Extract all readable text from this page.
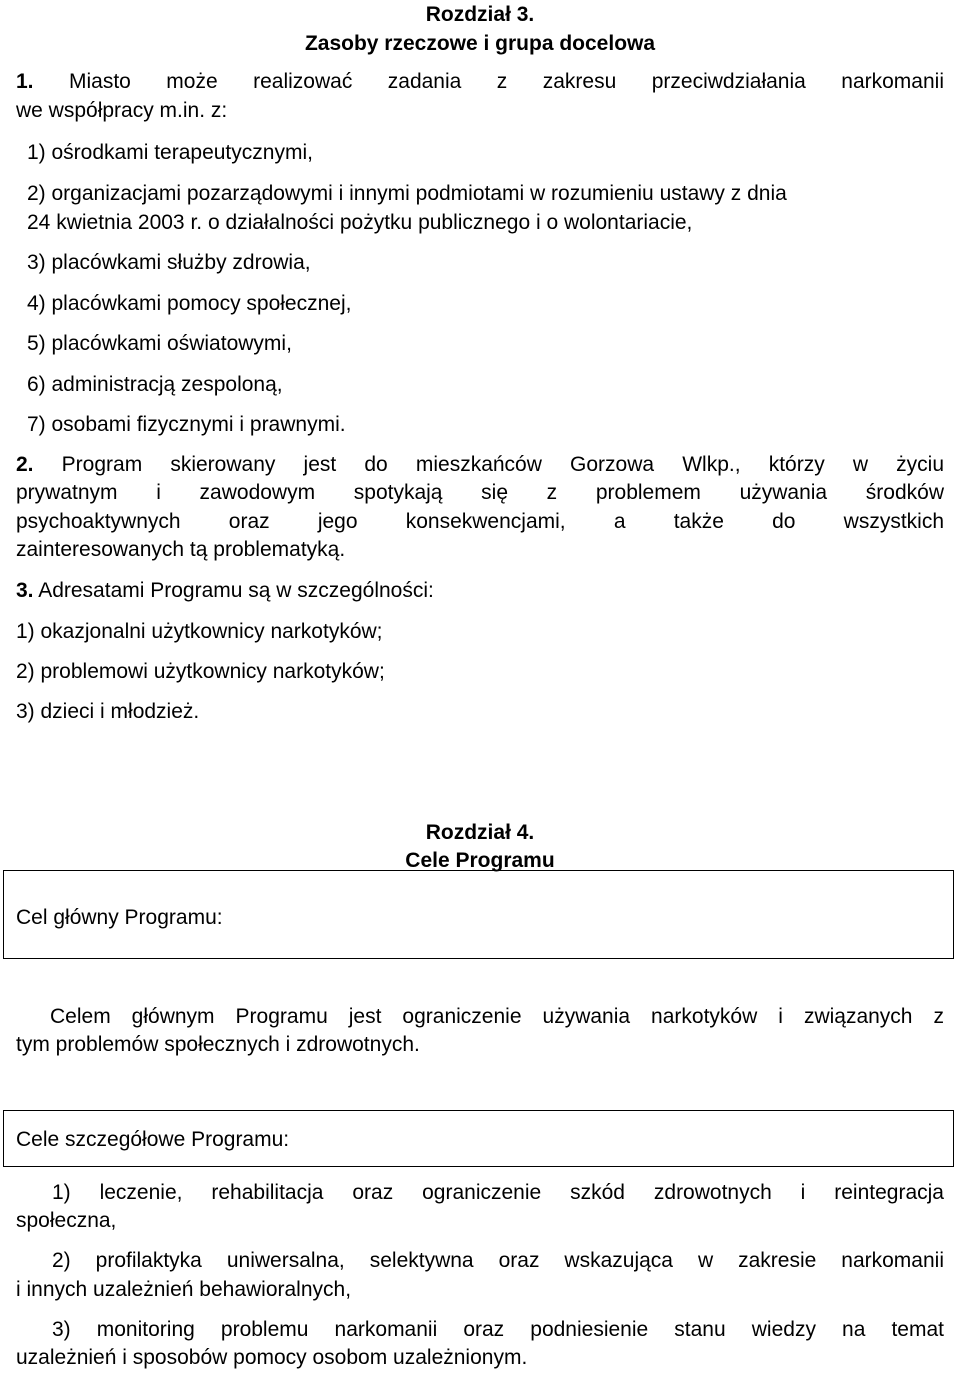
Rozdział 3.
Zasoby rzeczowe i grupa docelowa
1. Miasto może realizować zadania z zakresu przeciwdziałania narkomanii
we współpracy m.in. z:
1) ośrodkami terapeutycznymi,
2) organizacjami pozarządowymi i innymi podmiotami w rozumieniu ustawy z dnia
24 kwietnia 2003 r. o działalności pożytku publicznego i o wolontariacie,
3) placówkami służby zdrowia,
4) placówkami pomocy społecznej,
5) placówkami oświatowymi,
6) administracją zespoloną,
7) osobami fizycznymi i prawnymi.
2. Program skierowany jest do mieszkańców Gorzowa Wlkp., którzy w życiu
prywatnym i zawodowym spotykają się z problemem używania środków
psychoaktywnych oraz jego konsekwencjami, a także do wszystkich
zainteresowanych tą problematyką.
3. Adresatami Programu są w szczególności:
1) okazjonalni użytkownicy narkotyków;
2) problemowi użytkownicy narkotyków;
3) dzieci i młodzież.
Rozdział 4.
Cele Programu
Cel główny Programu:
Celem głównym Programu jest ograniczenie używania narkotyków i związanych z
tym problemów społecznych i zdrowotnych.
Cele szczegółowe Programu:
1) leczenie, rehabilitacja oraz ograniczenie szkód zdrowotnych i reintegracja
społeczna,
2) profilaktyka uniwersalna, selektywna oraz wskazująca w zakresie narkomanii
i innych uzależnień behawioralnych,
3) monitoring problemu narkomanii oraz podniesienie stanu wiedzy na temat
uzależnień i sposobów pomocy osobom uzależnionym.
